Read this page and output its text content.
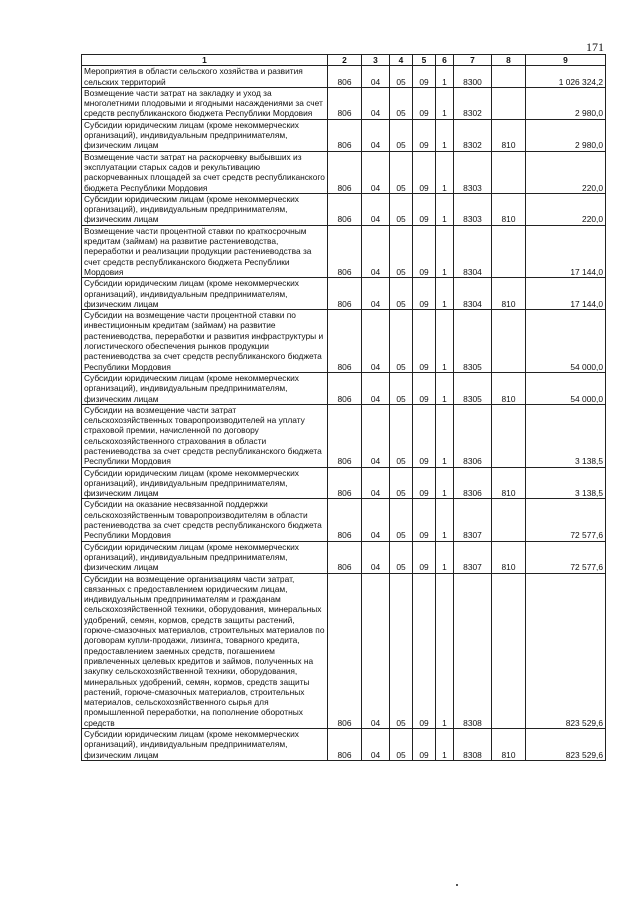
171
1	2	3	4	5	6	7	8	9
Мероприятия в области сельского хозяйства и развития сельских территорий	806	04	05	09	1	8300		1 026 324,2
Возмещение части затрат на закладку и уход за многолетними плодовыми и ягодными насаждениями за счет средств республиканского бюджета Республики Мордовия	806	04	05	09	1	8302		2 980,0
Субсидии юридическим лицам (кроме некоммерческих организаций), индивидуальным предпринимателям, физическим лицам	806	04	05	09	1	8302	810	2 980,0
Возмещение части затрат на раскорчевку выбывших из эксплуатации старых садов и рекультивацию раскорчеванных площадей за счет средств республиканского бюджета Республики Мордовия	806	04	05	09	1	8303		220,0
Субсидии юридическим лицам (кроме некоммерческих организаций), индивидуальным предпринимателям, физическим лицам	806	04	05	09	1	8303	810	220,0
Возмещение части процентной ставки по краткосрочным кредитам (займам) на развитие растениеводства, переработки и реализации продукции растениеводства за счет средств республиканского бюджета Республики Мордовия	806	04	05	09	1	8304		17 144,0
Субсидии юридическим лицам (кроме некоммерческих организаций), индивидуальным предпринимателям, физическим лицам	806	04	05	09	1	8304	810	17 144,0
Субсидии на возмещение части процентной ставки по инвестиционным кредитам (займам) на развитие растениеводства, переработки и развития инфраструктуры и логистического обеспечения рынков продукции растениеводства за счет средств республиканского бюджета Республики Мордовия	806	04	05	09	1	8305		54 000,0
Субсидии юридическим лицам (кроме некоммерческих организаций), индивидуальным предпринимателям, физическим лицам	806	04	05	09	1	8305	810	54 000,0
Субсидии на возмещение части затрат сельскохозяйственных товаропроизводителей на уплату страховой премии, начисленной по договору сельскохозяйственного страхования в области растениеводства за счет средств республиканского бюджета Республики Мордовия	806	04	05	09	1	8306		3 138,5
Субсидии юридическим лицам (кроме некоммерческих организаций), индивидуальным предпринимателям, физическим лицам	806	04	05	09	1	8306	810	3 138,5
Субсидии на оказание несвязанной поддержки сельскохозяйственным товаропроизводителям в области растениеводства за счет средств республиканского бюджета Республики Мордовия	806	04	05	09	1	8307		72 577,6
Субсидии юридическим лицам (кроме некоммерческих организаций), индивидуальным предпринимателям, физическим лицам	806	04	05	09	1	8307	810	72 577,6
Субсидии на возмещение организациям части затрат, связанных с предоставлением юридическим лицам, индивидуальным предпринимателям и гражданам сельскохозяйственной техники, оборудования, минеральных удобрений, семян, кормов, средств защиты растений, горюче-смазочных материалов, строительных материалов по договорам купли-продажи, лизинга, товарного кредита, предоставлением заемных средств, погашением привлеченных целевых кредитов и займов, полученных на закупку сельскохозяйственной техники, оборудования, минеральных удобрений, семян, кормов, средств защиты растений, горюче-смазочных материалов, строительных материалов, сельскохозяйственного сырья для промышленной переработки, на пополнение оборотных средств	806	04	05	09	1	8308		823 529,6
Субсидии юридическим лицам (кроме некоммерческих организаций), индивидуальным предпринимателям, физическим лицам	806	04	05	09	1	8308	810	823 529,6
